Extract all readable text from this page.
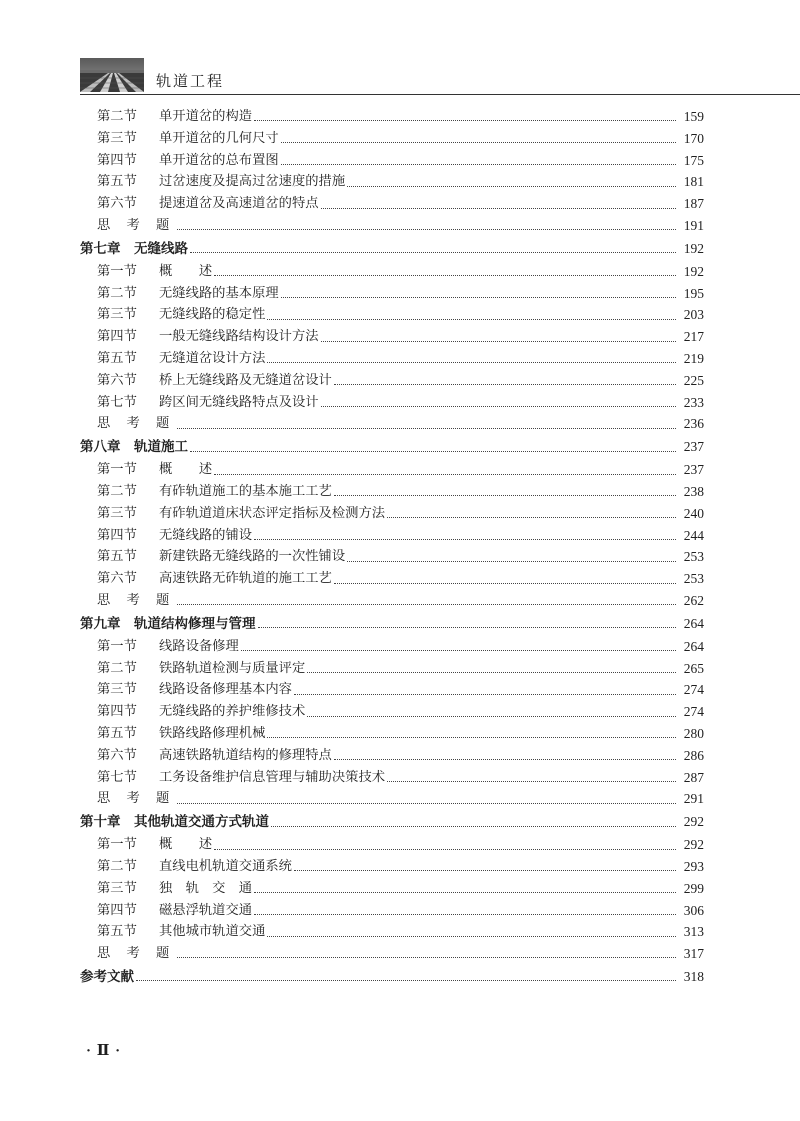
轨道工程
第二节	单开道岔的构造	159
第三节	单开道岔的几何尺寸	170
第四节	单开道岔的总布置图	175
第五节	过岔速度及提高过岔速度的措施	181
第六节	提速道岔及高速道岔的特点	187
思 考 题	191
第七章　无缝线路	192
第一节	概　　述	192
第二节	无缝线路的基本原理	195
第三节	无缝线路的稳定性	203
第四节	一般无缝线路结构设计方法	217
第五节	无缝道岔设计方法	219
第六节	桥上无缝线路及无缝道岔设计	225
第七节	跨区间无缝线路特点及设计	233
思 考 题	236
第八章　轨道施工	237
第一节	概　　述	237
第二节	有砟轨道施工的基本施工工艺	238
第三节	有砟轨道道床状态评定指标及检测方法	240
第四节	无缝线路的铺设	244
第五节	新建铁路无缝线路的一次性铺设	253
第六节	高速铁路无砟轨道的施工工艺	253
思 考 题	262
第九章　轨道结构修理与管理	264
第一节	线路设备修理	264
第二节	铁路轨道检测与质量评定	265
第三节	线路设备修理基本内容	274
第四节	无缝线路的养护维修技术	274
第五节	铁路线路修理机械	280
第六节	高速铁路轨道结构的修理特点	286
第七节	工务设备维护信息管理与辅助决策技术	287
思 考 题	291
第十章　其他轨道交通方式轨道	292
第一节	概　　述	292
第二节	直线电机轨道交通系统	293
第三节	独　轨　交　通	299
第四节	磁悬浮轨道交通	306
第五节	其他城市轨道交通	313
思 考 题	317
参考文献	318
· Ⅱ ·
